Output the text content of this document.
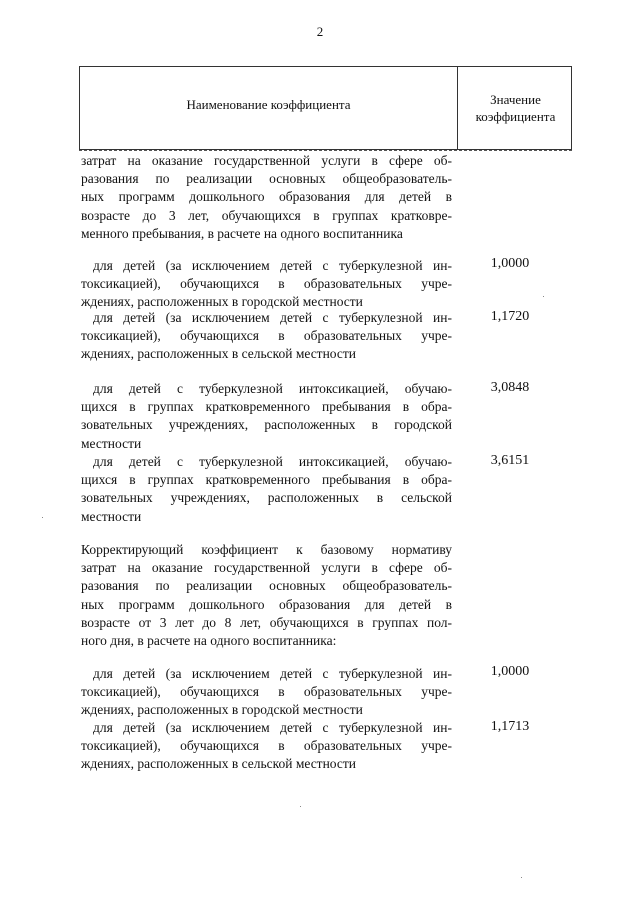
2
Наименование коэффициента	Значение
коэффициента
затрат на оказание государственной услуги в сфере об-
разования по реализации основных общеобразователь-
ных программ дошкольного образования для детей в
возрасте до 3 лет, обучающихся в группах кратковре-
менного пребывания, в расчете на одного воспитанника
для детей (за исключением детей с туберкулезной ин-
токсикацией), обучающихся в образовательных учре-
ждениях, расположенных в городской местности
1,0000
для детей (за исключением детей с туберкулезной ин-
токсикацией), обучающихся в образовательных учре-
ждениях, расположенных в сельской местности
1,1720
для детей с туберкулезной интоксикацией, обучаю-
щихся в группах кратковременного пребывания в обра-
зовательных учреждениях, расположенных в городской
местности
3,0848
для детей с туберкулезной интоксикацией, обучаю-
щихся в группах кратковременного пребывания в обра-
зовательных учреждениях, расположенных в сельской
местности
3,6151
Корректирующий коэффициент к базовому нормативу
затрат на оказание государственной услуги в сфере об-
разования по реализации основных общеобразователь-
ных программ дошкольного образования для детей в
возрасте от 3 лет до 8 лет, обучающихся в группах пол-
ного дня, в расчете на одного воспитанника:
для детей (за исключением детей с туберкулезной ин-
токсикацией), обучающихся в образовательных учре-
ждениях, расположенных в городской местности
1,0000
для детей (за исключением детей с туберкулезной ин-
токсикацией), обучающихся в образовательных учре-
ждениях, расположенных в сельской местности
1,1713
